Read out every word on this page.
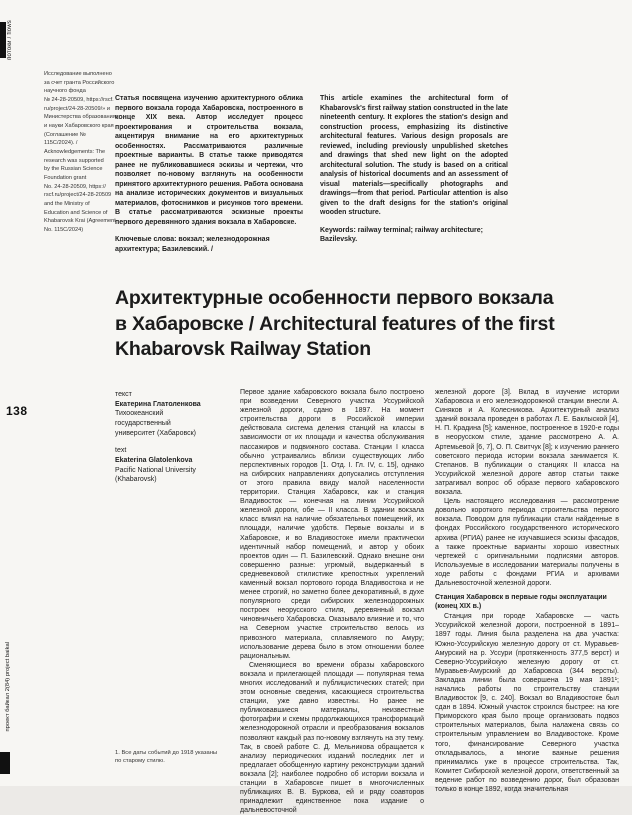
потоки / flows
Исследование выполнено
за счет гранта Российского
научного фонда
№ 24-28-20509, https://rscf.
ru/project/24-28-20509/» и
Министерства образования
и науки Хабаровского края
(Соглашение № 115С/2024). /
Acknowledgements: The
research was supported
by the Russian Science
Foundation grant
No. 24-28-20509, https://
rscf.ru/project/24-28-20509
and the Ministry of
Education and Science of
Khabarovsk Krai (Agreement
No. 115С/2024)
138
проект байкал 2(84) project baikal

Статья посвящена изучению архитектурного облика первого вокзала города Хабаровска, построенного в конце XIX века. Автор исследует процесс проектирования и строительства вокзала, акцентируя внимание на его архитектурных особенностях. Рассматриваются различные проектные варианты. В статье также приводятся ранее не публиковавшиеся эскизы и чертежи, что позволяет по-новому взглянуть на особенности принятого архитектурного решения. Работа основана на анализе исторических документов и визуальных материалов, фотоснимков и рисунков того времени. В статье рассматриваются эскизные проекты первого деревянного здания вокзала в Хабаровске.

Ключевые слова: вокзал; железнодорожная архитектура; Базилевский. /

This article examines the architectural form of Khabarovsk's first railway station constructed in the late nineteenth century. It explores the station's design and construction process, emphasizing its distinctive architectural features. Various design proposals are reviewed, including previously unpublished sketches and drawings that shed new light on the adopted architectural solution. The study is based on a critical analysis of historical documents and an assessment of visual materials—specifically photographs and drawings—from that period. Particular attention is also given to the draft designs for the station's original wooden structure.

Keywords: railway terminal; railway architecture; Bazilevsky.

Архитектурные особенности первого вокзала
в Хабаровске / Architectural features of the first
Khabarovsk Railway Station
текст
Екатерина Глатоленкова
Тихоокеанский
государственный
университет (Хабаровск)
text
Ekaterina Glatolenkova
Pacific National University
(Khabarovsk)

Первое здание хабаровского вокзала было построено при возведении Северного участка Уссурийской железной дороги, сдано в 1897. На момент строительства дороги в Российской империи действовала система деления станций на классы в зависимости от их площади и качества обслуживания пассажиров и подвижного состава. Станции I класса обычно устраивались вблизи существующих либо перспективных городов [1. Отд. I. Гл. IV, с. 15], однако на сибирских направлениях допускались отступления от этого правила ввиду малой населенности территории. Станция Хабаровск, как и станция Владивосток — конечная на линии Уссурийской железной дороги, обе — II класса. В здании вокзала класс влиял на наличие обязательных помещений, их площади, наличие удобств. Первые вокзалы и в Хабаровске, и во Владивостоке имели практически идентичный набор помещений, и автор у обоих проектов один — П. Базилевский. Однако внешне они совершенно разные: угрюмый, выдержанный в средневековой стилистике крепостных укреплений каменный вокзал портового города Владивостока и не менее строгий, но заметно более декоративный, в духе популярного среди сибирских железнодорожных построек неорусского стиля, деревянный вокзал чиновничьего Хабаровска. Оказывало влияние и то, что на Северном участке строительство велось из привозного материала, сплавляемого по Амуру; использование дерева было в этом отношении более рациональным.

Сменяющиеся во времени образы хабаровского вокзала и прилегающей площади — популярная тема многих исследований и публицистических статей; при этом основные сведения, касающиеся строительства станции, уже давно известны. Но ранее не публиковавшиеся материалы, неизвестные фотографии и схемы продолжающихся трансформаций железнодорожной отрасли и преобразования вокзалов позволяют каждый раз по-новому взглянуть на эту тему. Так, в своей работе С. Д. Мельникова обращается к анализу периодических изданий последних лет и предлагает обобщенную картину реконструкции зданий вокзала [2]; наиболее подробно об истории вокзала и станции в Хабаровске пишет в многочисленных публикациях В. В. Буркова, ей и ряду соавторов принадлежит единственное пока издание о дальневосточной

железной дороге [3]. Вклад в изучение истории Хабаровска и его железнодорожной станции внесли А. Синяков и А. Колесникова. Архитектурный анализ зданий вокзала проведен в работах Л. Е. Баклыской [4], Н. П. Крадина [5]; каменное, построенное в 1920-е годы в неорусском стиле, здание рассмотрено А. А. Артемьевой [6, 7], О. П. Свитчук [8]; к изучению раннего советского периода истории вокзала занимается К. Степанов. В публикации о станциях II класса на Уссурийской железной дороге автор статьи также затрагивал вопрос об образе первого хабаровского вокзала.

Цель настоящего исследования — рассмотрение довольно короткого периода строительства первого вокзала. Поводом для публикации стали найденные в фондах Российского государственного исторического архива (РГИА) ранее не изучавшиеся эскизы фасадов, а также проектные варианты хорошо известных чертежей с оригинальными подписями авторов. Используемые в исследовании материалы получены в ходе работы с фондами РГИА и архивами Дальневосточной железной дороги.

Станция Хабаровск в первые годы эксплуатации (конец XIX в.)

Станция при городе Хабаровске — часть Уссурийской железной дороги, построенной в 1891–1897 годы. Линия была разделена на два участка: Южно-Уссурийскую железную дорогу от ст. Муравьев-Амурский на р. Уссури (протяженность 377,5 верст) и Северно-Уссурийскую железную дорогу от ст. Муравьев-Амурский до Хабаровска (344 версты). Закладка линии была совершена 19 мая 1891¹; начались работы по строительству станции Владивосток [9, с. 240]. Вокзал во Владивостоке был сдан в 1894. Южный участок строился быстрее: на юге Приморского края было проще организовать подвоз строительных материалов, была налажена связь со строительным управлением во Владивостоке. Кроме того, финансирование Северного участка откладывалось, а многие важные решения принимались уже в процессе строительства. Так, Комитет Сибирской железной дороги, ответственный за ведение работ по возведению дорог, был образован только в конце 1892, когда значительная

1. Все даты событий до 1918 указаны по старому стилю.
